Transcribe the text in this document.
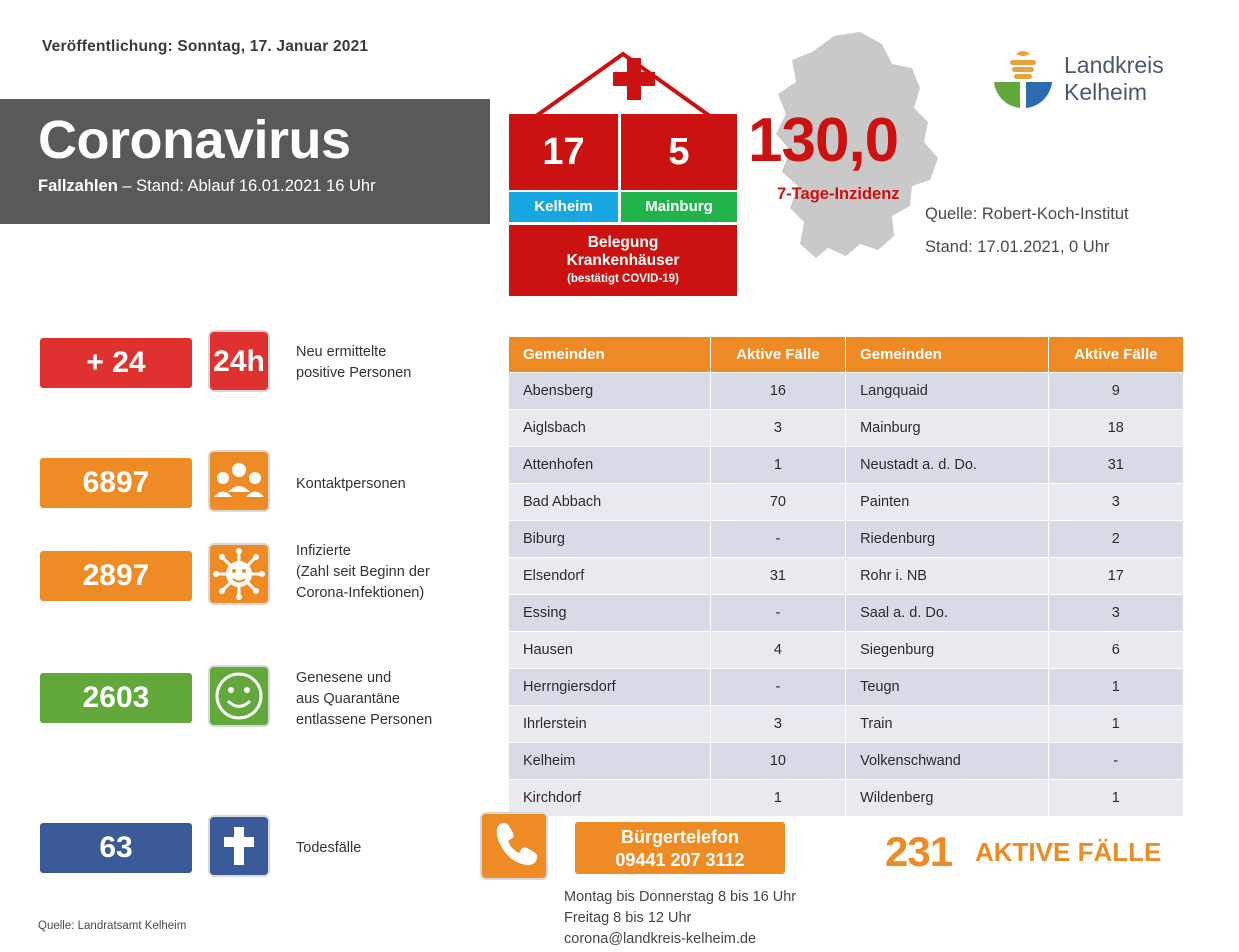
Veröffentlichung: Sonntag, 17. Januar 2021
Coronavirus
Fallzahlen – Stand: Ablauf 16.01.2021 16 Uhr
17	5
Kelheim	Mainburg
Belegung
Krankenhäuser
(bestätigt COVID-19)
130,0
7-Tage-Inzidenz
Quelle: Robert-Koch-Institut
Stand: 17.01.2021, 0 Uhr
Landkreis
Kelheim
+ 24	24h	Neu ermittelte
positive Personen
6897	Kontaktpersonen
2897
Infizierte
(Zahl seit Beginn der
Corona-Infektionen)
2603
Genesene und
aus Quarantäne
entlassene Personen
63	Todesfälle
Gemeinden	Aktive Fälle	Gemeinden	Aktive Fälle
Abensberg	16	Langquaid	9
Aiglsbach	3	Mainburg	18
Attenhofen	1	Neustadt a. d. Do.	31
Bad Abbach	70	Painten	3
Biburg	-	Riedenburg	2
Elsendorf	31	Rohr i. NB	17
Essing	-	Saal a. d. Do.	3
Hausen	4	Siegenburg	6
Herrngiersdorf	-	Teugn	1
Ihrlerstein	3	Train	1
Kelheim	10	Volkenschwand	-
Kirchdorf	1	Wildenberg	1
Bürgertelefon
09441 207 3112
Montag bis Donnerstag 8 bis 16 Uhr
Freitag 8 bis 12 Uhr
corona@landkreis-kelheim.de
231 AKTIVE FÄLLE
Quelle: Landratsamt Kelheim
